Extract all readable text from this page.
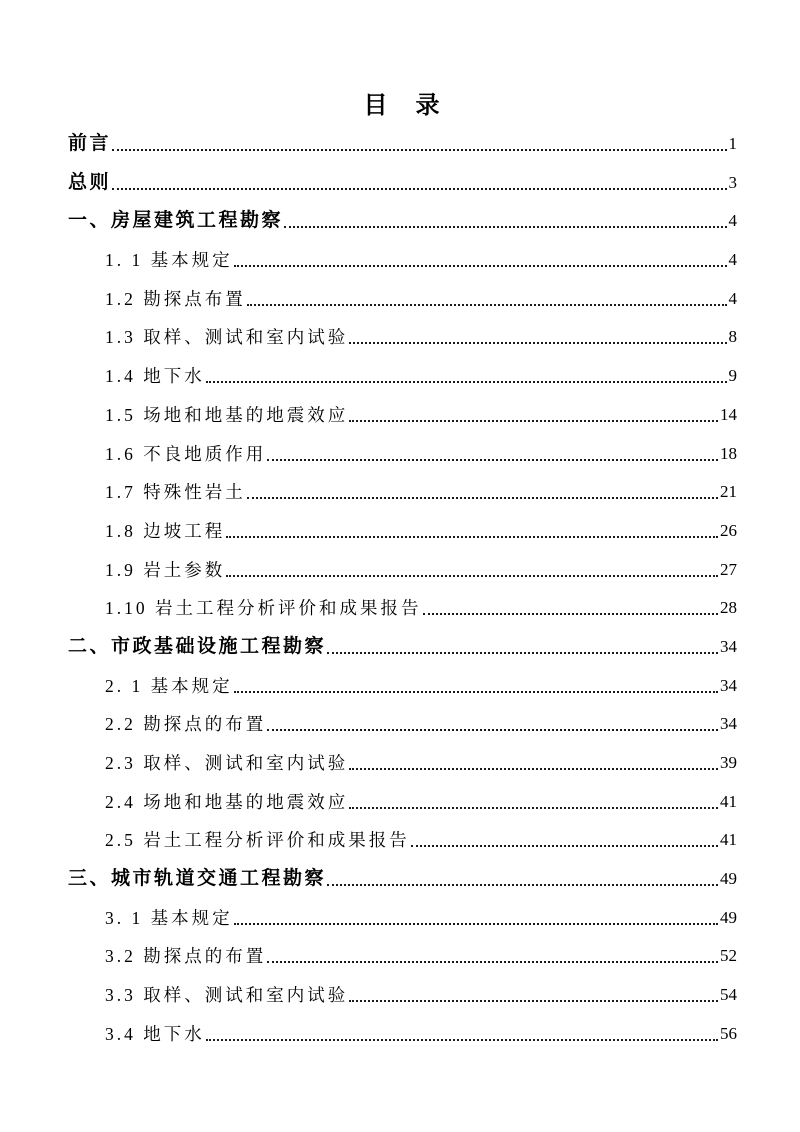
目　录
前言	1
总则	3
一、房屋建筑工程勘察	4
1. 1 基本规定	4
1.2 勘探点布置	4
1.3 取样、测试和室内试验	8
1.4 地下水	9
1.5 场地和地基的地震效应	14
1.6 不良地质作用	18
1.7 特殊性岩土	21
1.8 边坡工程	26
1.9 岩土参数	27
1.10 岩土工程分析评价和成果报告	28
二、市政基础设施工程勘察	34
2. 1 基本规定	34
2.2 勘探点的布置	34
2.3 取样、测试和室内试验	39
2.4 场地和地基的地震效应	41
2.5 岩土工程分析评价和成果报告	41
三、城市轨道交通工程勘察	49
3. 1 基本规定	49
3.2 勘探点的布置	52
3.3 取样、测试和室内试验	54
3.4 地下水	56
